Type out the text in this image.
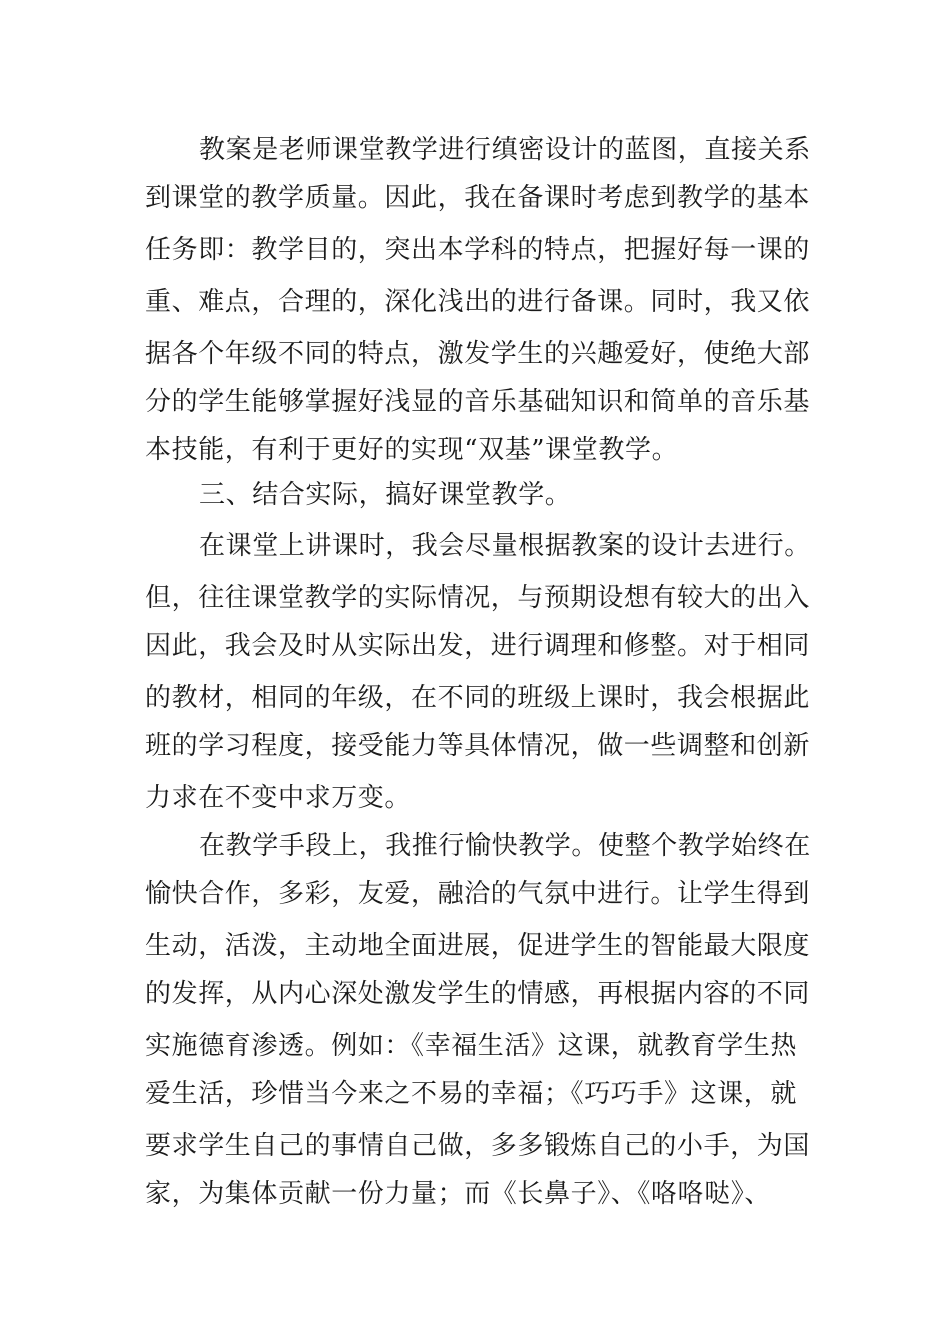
教案是老师课堂教学进行缜密设计的蓝图，直接关系
到课堂的教学质量。因此，我在备课时考虑到教学的基本
任务即：教学目的，突出本学科的特点，把握好每一课的
重、难点，合理的，深化浅出的进行备课。同时，我又依
据各个年级不同的特点，激发学生的兴趣爱好，使绝大部
分的学生能够掌握好浅显的音乐基础知识和简单的音乐基
本技能，有利于更好的实现“双基”课堂教学。
三、结合实际，搞好课堂教学。
在课堂上讲课时，我会尽量根据教案的设计去进行。
但，往往课堂教学的实际情况，与预期设想有较大的出入
因此，我会及时从实际出发，进行调理和修整。对于相同
的教材，相同的年级，在不同的班级上课时，我会根据此
班的学习程度，接受能力等具体情况，做一些调整和创新
力求在不变中求万变。
在教学手段上，我推行愉快教学。使整个教学始终在
愉快合作，多彩，友爱，融洽的气氛中进行。让学生得到
生动，活泼，主动地全面进展，促进学生的智能最大限度
的发挥，从内心深处激发学生的情感，再根据内容的不同
实施德育渗透。例如：《幸福生活》这课，就教育学生热
爱生活，珍惜当今来之不易的幸福；《巧巧手》这课，就
要求学生自己的事情自己做，多多锻炼自己的小手，为国
家，为集体贡献一份力量；而《长鼻子》、《咯咯哒》、
